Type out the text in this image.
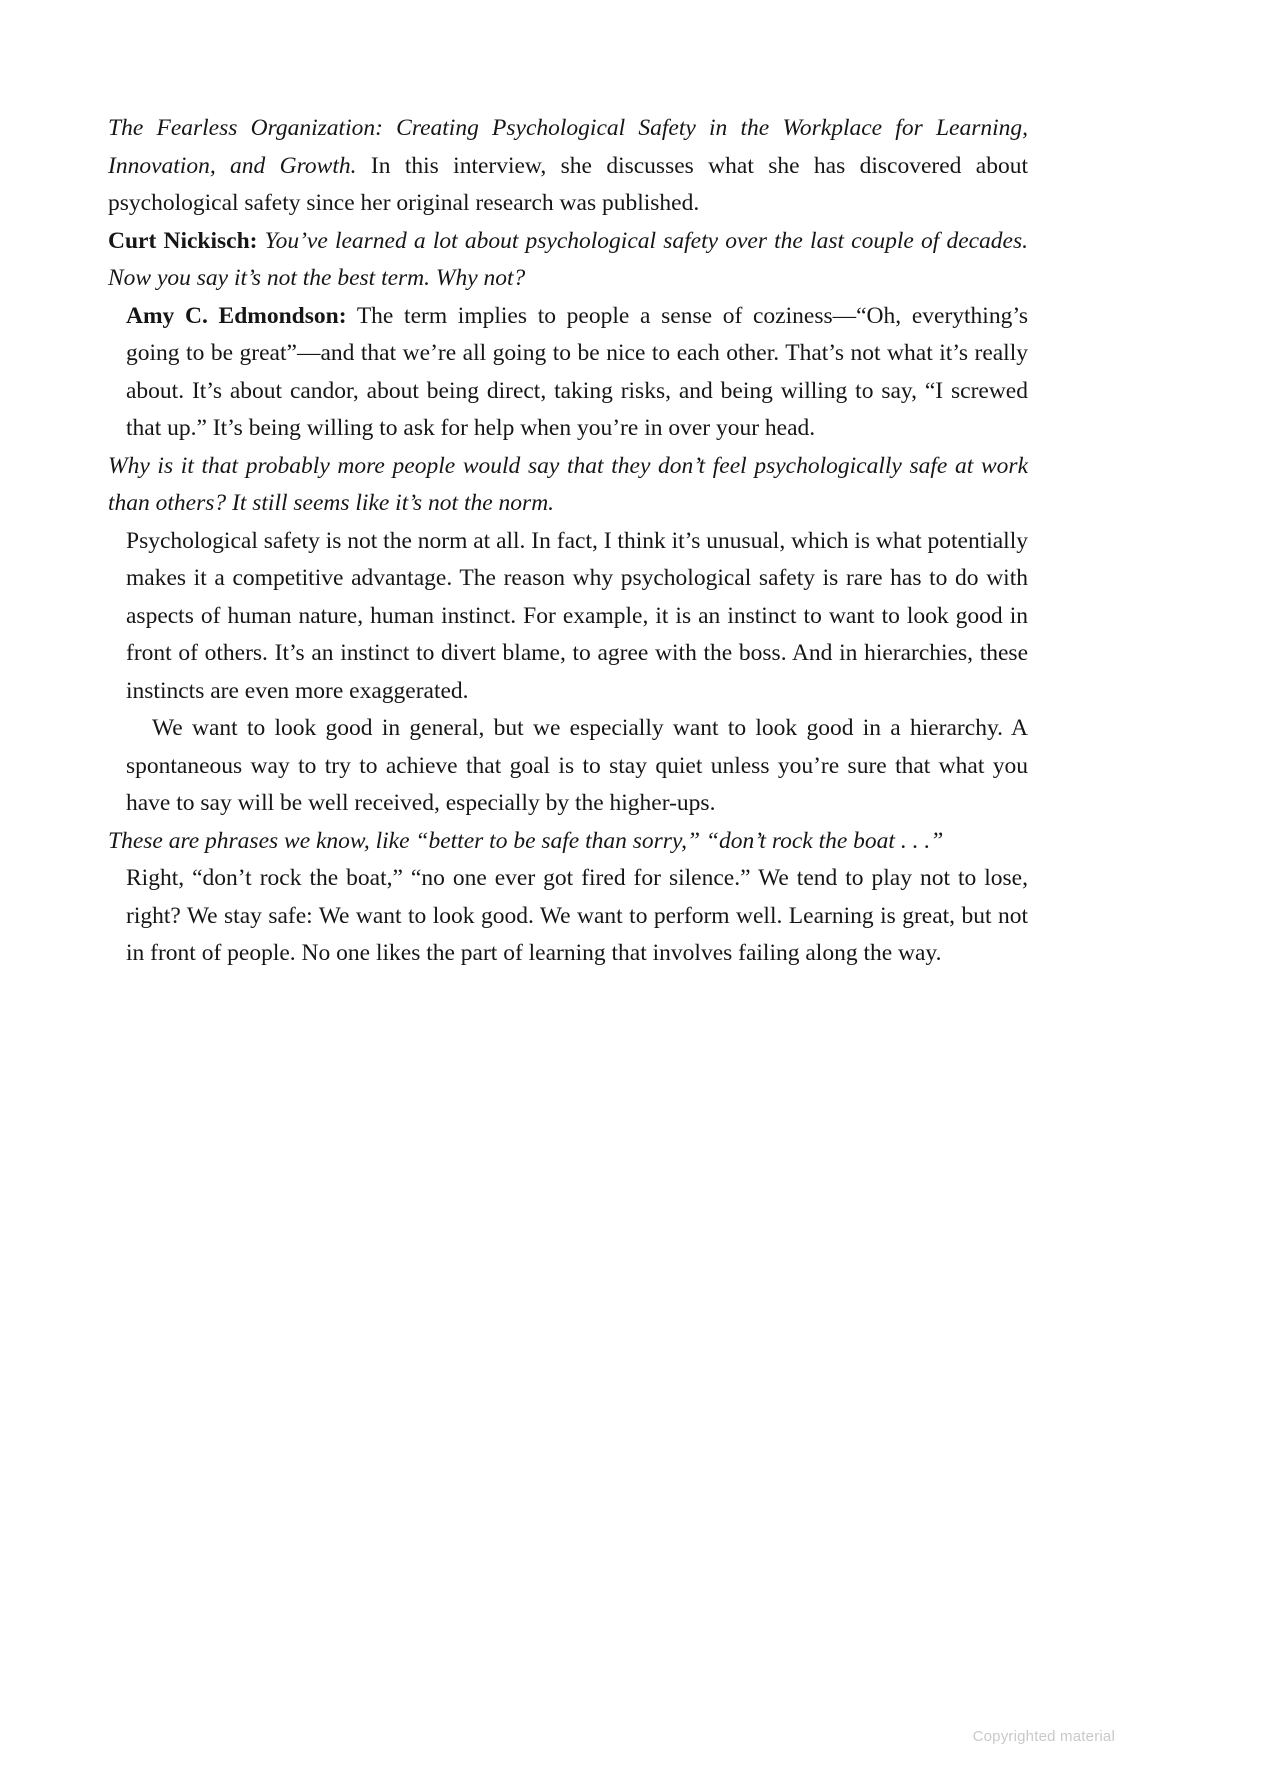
The Fearless Organization: Creating Psychological Safety in the Workplace for Learning, Innovation, and Growth. In this interview, she discusses what she has discovered about psychological safety since her original research was published.

Curt Nickisch: You’ve learned a lot about psychological safety over the last couple of decades. Now you say it’s not the best term. Why not?

Amy C. Edmondson: The term implies to people a sense of coziness—“Oh, everything’s going to be great”—and that we’re all going to be nice to each other. That’s not what it’s really about. It’s about candor, about being direct, taking risks, and being willing to say, “I screwed that up.” It’s being willing to ask for help when you’re in over your head.

Why is it that probably more people would say that they don’t feel psychologically safe at work than others? It still seems like it’s not the norm.

Psychological safety is not the norm at all. In fact, I think it’s unusual, which is what potentially makes it a competitive advantage. The reason why psychological safety is rare has to do with aspects of human nature, human instinct. For example, it is an instinct to want to look good in front of others. It’s an instinct to divert blame, to agree with the boss. And in hierarchies, these instincts are even more exaggerated.

We want to look good in general, but we especially want to look good in a hierarchy. A spontaneous way to try to achieve that goal is to stay quiet unless you’re sure that what you have to say will be well received, especially by the higher-ups.

These are phrases we know, like “better to be safe than sorry,” “don’t rock the boat . . .”

Right, “don’t rock the boat,” “no one ever got fired for silence.” We tend to play not to lose, right? We stay safe: We want to look good. We want to perform well. Learning is great, but not in front of people. No one likes the part of learning that involves failing along the way.

Copyrighted material
